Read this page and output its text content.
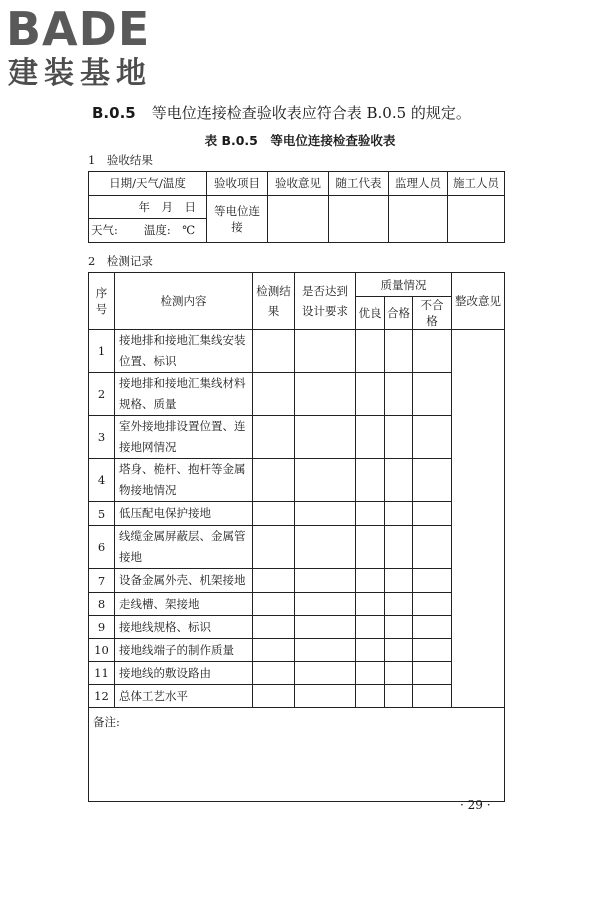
BADE
建装基地
B.0.5 等电位连接检查验收表应符合表 B.0.5 的规定。
表 B.0.5　等电位连接检查验收表
1　验收结果
日期/天气/温度	验收项目	验收意见	随工代表	监理人员	施工人员
年　月　日	等电位连接				
天气: 温度:　℃					
2　检测记录
序号	检测内容	检测结果	是否达到设计要求	质量情况			整改意见
				优良	合格	不合格	
1	接地排和接地汇集线安装位置、标识						
2	接地排和接地汇集线材料规格、质量						
3	室外接地排设置位置、连接地网情况						
4	塔身、桅杆、抱杆等金属物接地情况						
5	低压配电保护接地						
6	线缆金属屏蔽层、金属管接地						
7	设备金属外壳、机架接地						
8	走线槽、架接地						
9	接地线规格、标识						
10	接地线端子的制作质量						
11	接地线的敷设路由						
12	总体工艺水平						
备注:							
· 29 ·
